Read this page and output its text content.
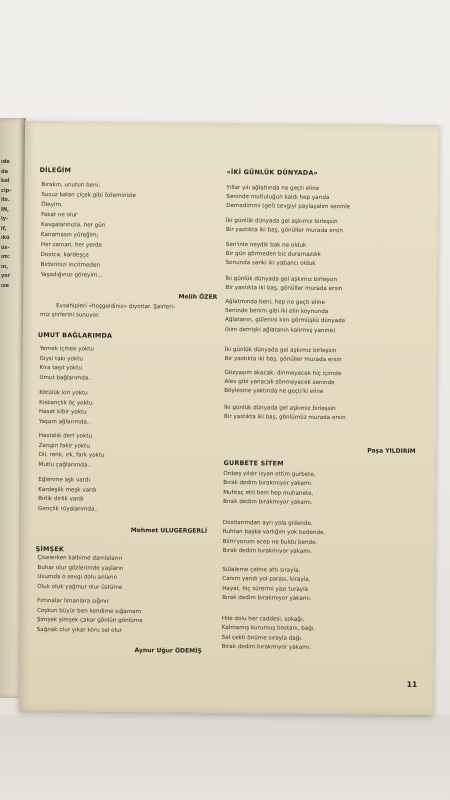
ıde
da
kal
cip-
ilo.
IN,
iy-
if,
ıkü
üs-
ım:
ın,
yor
ıze
DİLEĞİM
Bırakın, unutun beni;
Susuz kalan çiçek gibi özleminizle
Öleyim,
Fakat ne olur
Kavgalarınızla, her gün
Kanamasın yüreğim;
Her zaman, her yerde
Dostca, kardeşçe
Birbirinizi incitmeden
Yaşadığınızı göreyim...
Melih ÖZER
Evsahipleri «hoşgeldiniz» diyorlar. Şairleri-
miz şiirlerini sunuyor.
UMUT BAĞLARIMDA
Yemek içmek yoktu
Giysi takı yoktu
Kira taşıt yoktu
Umut bağlarımda..
Kötülük kin yoktu
Kıskançlık öç yoktu
Haset kibir yoktu
Yaşam ağlarımda..
Hastalık dert yoktu
Zengin fakir yoktu
Dil, renk, ırk, fark yoktu
Mutlu çağlarımda..
Eğlenme aşk vardı
Kardeşlik meşk vardı
Birlik dirlik vardı
Gençlik rüyalarımda..
Mehmet ULUGERGERLİ
ŞİMŞEK
Çiselerken kalbime damlaların
Buhar olur gözlerimde yaşların
Usumda o sevgi dolu anların
Oluk oluk yağmur olur üstüme
Fırtınalar limanlara sığınır
Coşkun büyür ben kendime sığamam
Şimşek şimşek çakar gönlün gönlüme
Sağnak olur yıkar koru sel olur
Aynur Uğur ÖDEMİŞ
«İKİ GÜNLÜK DÜNYADA»
Yıllar yılı ağlatlında ne geçti eline
Seninde mutluluğun kaldı hep yarıda
Demedimmi (gel) sevgiyi paylaşalım seninle
İki günlük dünyada gel aşkımız birleşsin
Bir yastıkta iki baş, gönüller murada ersin
Sen'inle neydik bak ne olduk
Bir gün görmeden biz duramazdık
Sonunda sanki iki yabancı olduk
İki günlük dünyada gel aşkımız birleşsin
Bir yastıkta iki baş, gönüller murada ersin
Ağlatmında beni, hep ne geçti eline
Seninde benim gibi iki elin koynunda
Ağlatanın, gülenini kim görmüşkü dünyada
(kim demişki ağlatanın kalırmış yanına)
İki günlük dünyada gel aşkımız birleşsin
Bir yastıkta iki baş, gönüller murada ersin
Gözyaşım akacak, dinmeyecek hiç içimde
Alev gibi yanacak sönmeyecek seninde
Böylesine yaktında ne geçti'ki eline
İki günlük dünyada gel aşkımız birleşsin
Bir yastıkta iki baş, gönlümüz murada ersin
Paşa YILDIRIM
GURBETE SİTEM
Onbeş yıldır isyan ettim gurbete,
Bırak dedim bırakmıyor yakamı.
Muhtaç etti beni hep muhanete,
Bırak dedim bırakmıyor yakamı.
Dostlarımdan ayrı yola gidende,
Ruhtan başka varlığım yok bedende,
Bilm'yorum acep ne buldu bende,
Bırak dedim bırakmıyor yakamı.
Sülaleme çelme attı sırayla,
Canım yandı yol parası, kirayla,
Hayat, hiç sürermi yazı turayla
Bırak dedim bırakmıyor yakamı.
Hile dolu her caddesi, sokağı,
Kalmamış kurumuş bostanı, bağı.
Sel çekti önüme sırayla dağı.
Bırak dedim bırakmıyor yakamı.
11
